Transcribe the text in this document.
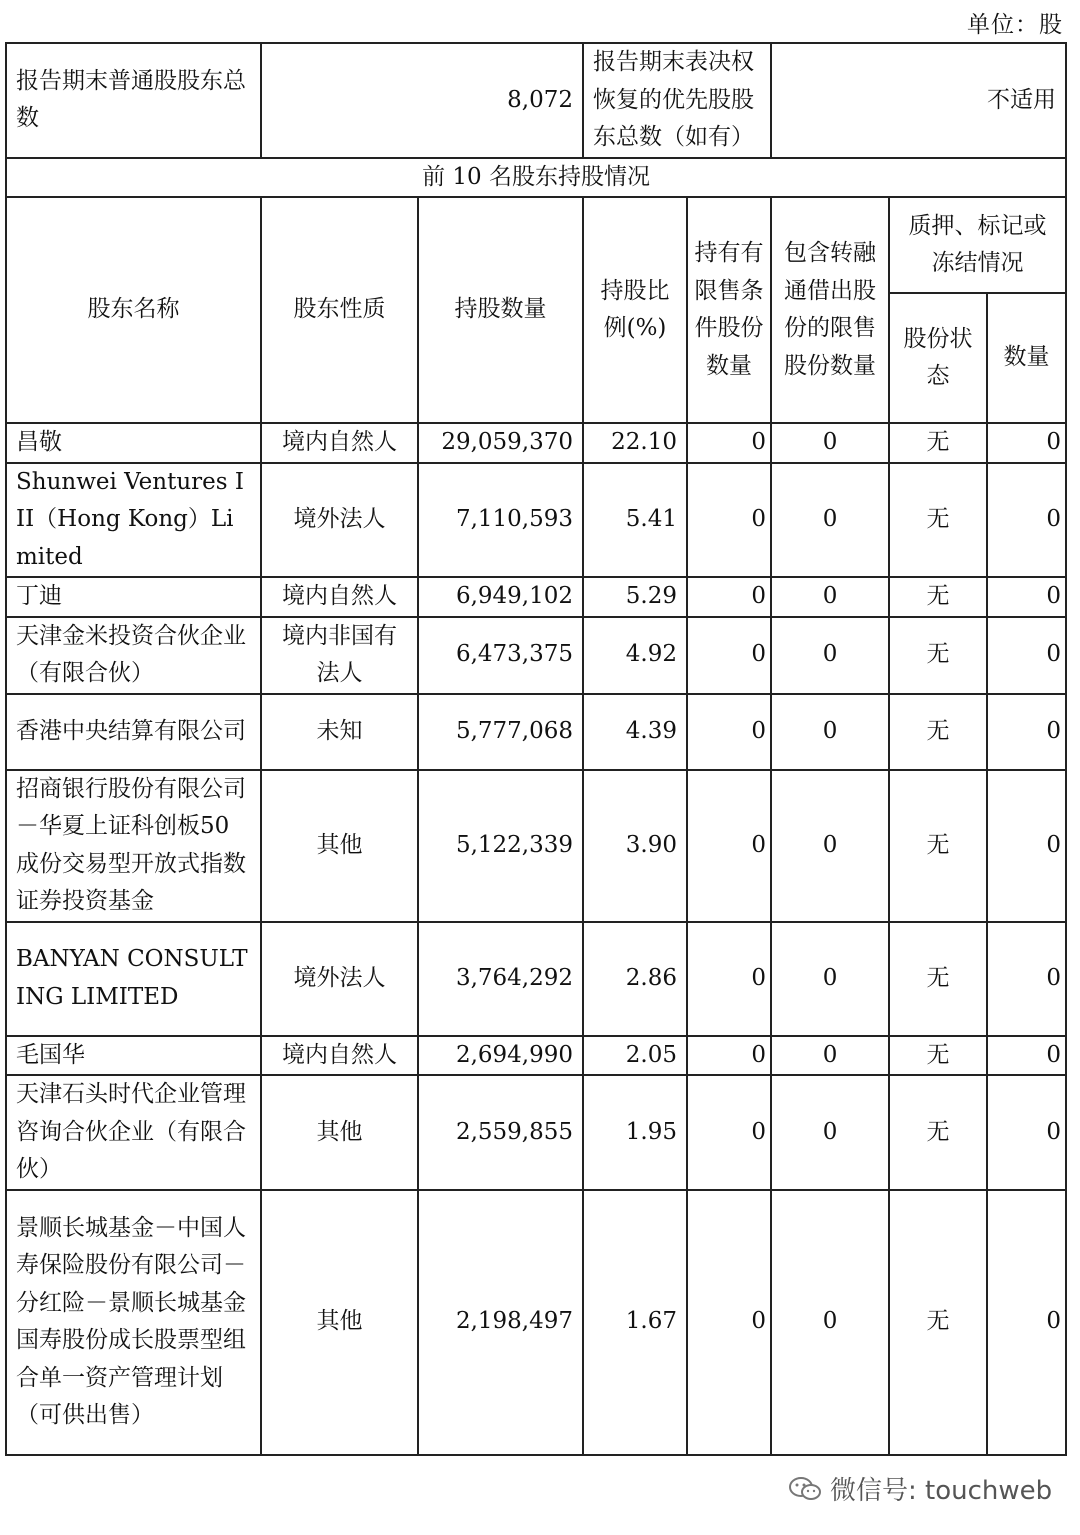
单位：股
报告期末普通股股东总数	8,072		报告期末表决权恢复的优先股股东总数（如有）		不适用		
前 10 名股东持股情况							
股东名称	股东性质	持股数量	持股比例(%)	持有有限售条件股份数量	包含转融通借出股份的限售股份数量	质押、标记或冻结情况	
						股份状态	数量
昌敬	境内自然人	29,059,370	22.10	0	0	无	0
Shunwei Ventures III（Hong Kong）Limited	境外法人	7,110,593	5.41	0	0	无	0
丁迪	境内自然人	6,949,102	5.29	0	0	无	0
天津金米投资合伙企业（有限合伙）	境内非国有法人	6,473,375	4.92	0	0	无	0
香港中央结算有限公司	未知	5,777,068	4.39	0	0	无	0
招商银行股份有限公司－华夏上证科创板50成份交易型开放式指数证券投资基金	其他	5,122,339	3.90	0	0	无	0
BANYAN CONSULTING LIMITED	境外法人	3,764,292	2.86	0	0	无	0
毛国华	境内自然人	2,694,990	2.05	0	0	无	0
天津石头时代企业管理咨询合伙企业（有限合伙）	其他	2,559,855	1.95	0	0	无	0
景顺长城基金－中国人寿保险股份有限公司－分红险－景顺长城基金国寿股份成长股票型组合单一资产管理计划（可供出售）	其他	2,198,497	1.67	0	0	无	0
微信号: touchweb
